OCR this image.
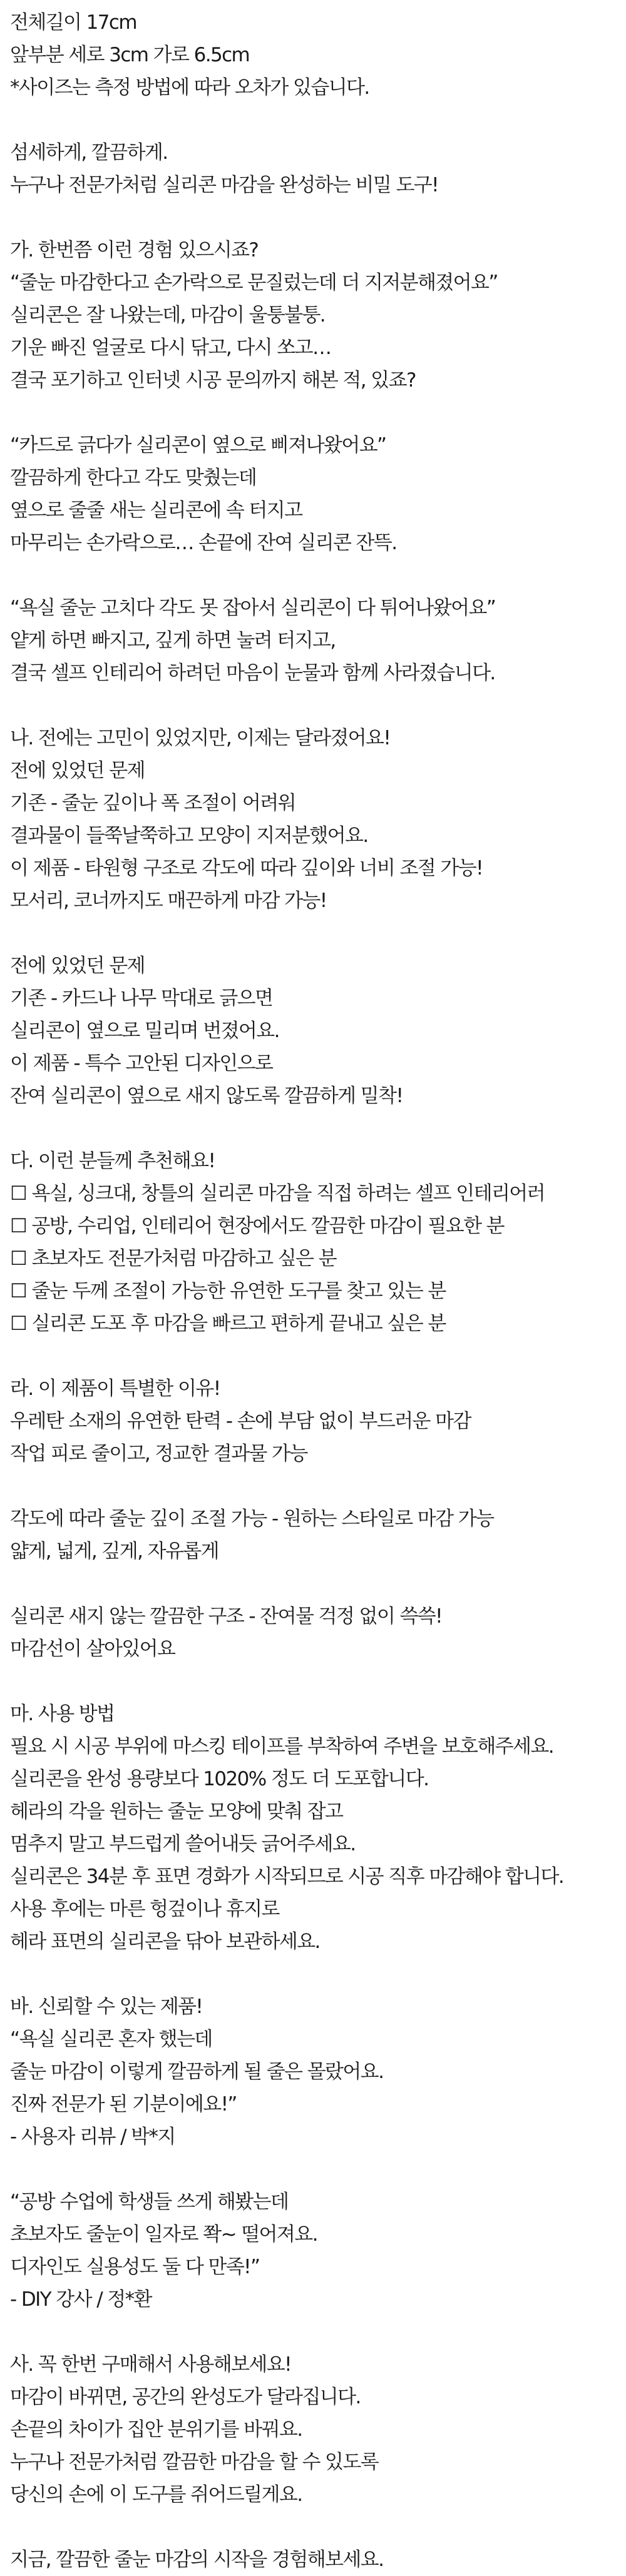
전체길이 17cm
앞부분 세로 3cm 가로 6.5cm
*사이즈는 측정 방법에 따라 오차가 있습니다.
섬세하게, 깔끔하게.
누구나 전문가처럼 실리콘 마감을 완성하는 비밀 도구!
가. 한번쯤 이런 경험 있으시죠?
“줄눈 마감한다고 손가락으로 문질렀는데 더 지저분해졌어요”
실리콘은 잘 나왔는데, 마감이 울퉁불퉁.
기운 빠진 얼굴로 다시 닦고, 다시 쏘고…
결국 포기하고 인터넷 시공 문의까지 해본 적, 있죠?
“카드로 긁다가 실리콘이 옆으로 삐져나왔어요”
깔끔하게 한다고 각도 맞췄는데
옆으로 줄줄 새는 실리콘에 속 터지고
마무리는 손가락으로… 손끝에 잔여 실리콘 잔뜩.
“욕실 줄눈 고치다 각도 못 잡아서 실리콘이 다 튀어나왔어요”
얕게 하면 빠지고, 깊게 하면 눌려 터지고,
결국 셀프 인테리어 하려던 마음이 눈물과 함께 사라졌습니다.
나. 전에는 고민이 있었지만, 이제는 달라졌어요!
전에 있었던 문제
기존 - 줄눈 깊이나 폭 조절이 어려워
결과물이 들쭉날쭉하고 모양이 지저분했어요.
이 제품 - 타원형 구조로 각도에 따라 깊이와 너비 조절 가능!
모서리, 코너까지도 매끈하게 마감 가능!
전에 있었던 문제
기존 - 카드나 나무 막대로 긁으면
실리콘이 옆으로 밀리며 번졌어요.
이 제품 - 특수 고안된 디자인으로
잔여 실리콘이 옆으로 새지 않도록 깔끔하게 밀착!
다. 이런 분들께 추천해요!
☐ 욕실, 싱크대, 창틀의 실리콘 마감을 직접 하려는 셀프 인테리어러
☐ 공방, 수리업, 인테리어 현장에서도 깔끔한 마감이 필요한 분
☐ 초보자도 전문가처럼 마감하고 싶은 분
☐ 줄눈 두께 조절이 가능한 유연한 도구를 찾고 있는 분
☐ 실리콘 도포 후 마감을 빠르고 편하게 끝내고 싶은 분
라. 이 제품이 특별한 이유!
우레탄 소재의 유연한 탄력 - 손에 부담 없이 부드러운 마감
작업 피로 줄이고, 정교한 결과물 가능
각도에 따라 줄눈 깊이 조절 가능 - 원하는 스타일로 마감 가능
얇게, 넓게, 깊게, 자유롭게
실리콘 새지 않는 깔끔한 구조 - 잔여물 걱정 없이 쓱쓱!
마감선이 살아있어요
마. 사용 방법
필요 시 시공 부위에 마스킹 테이프를 부착하여 주변을 보호해주세요.
실리콘을 완성 용량보다 1020% 정도 더 도포합니다.
헤라의 각을 원하는 줄눈 모양에 맞춰 잡고
멈추지 말고 부드럽게 쓸어내듯 긁어주세요.
실리콘은 34분 후 표면 경화가 시작되므로 시공 직후 마감해야 합니다.
사용 후에는 마른 헝겊이나 휴지로
헤라 표면의 실리콘을 닦아 보관하세요.
바. 신뢰할 수 있는 제품!
“욕실 실리콘 혼자 했는데
줄눈 마감이 이렇게 깔끔하게 될 줄은 몰랐어요.
진짜 전문가 된 기분이에요!”
- 사용자 리뷰 / 박*지
“공방 수업에 학생들 쓰게 해봤는데
초보자도 줄눈이 일자로 쫙~ 떨어져요.
디자인도 실용성도 둘 다 만족!”
- DIY 강사 / 정*환
사. 꼭 한번 구매해서 사용해보세요!
마감이 바뀌면, 공간의 완성도가 달라집니다.
손끝의 차이가 집안 분위기를 바꿔요.
누구나 전문가처럼 깔끔한 마감을 할 수 있도록
당신의 손에 이 도구를 쥐어드릴게요.
지금, 깔끔한 줄눈 마감의 시작을 경험해보세요.
